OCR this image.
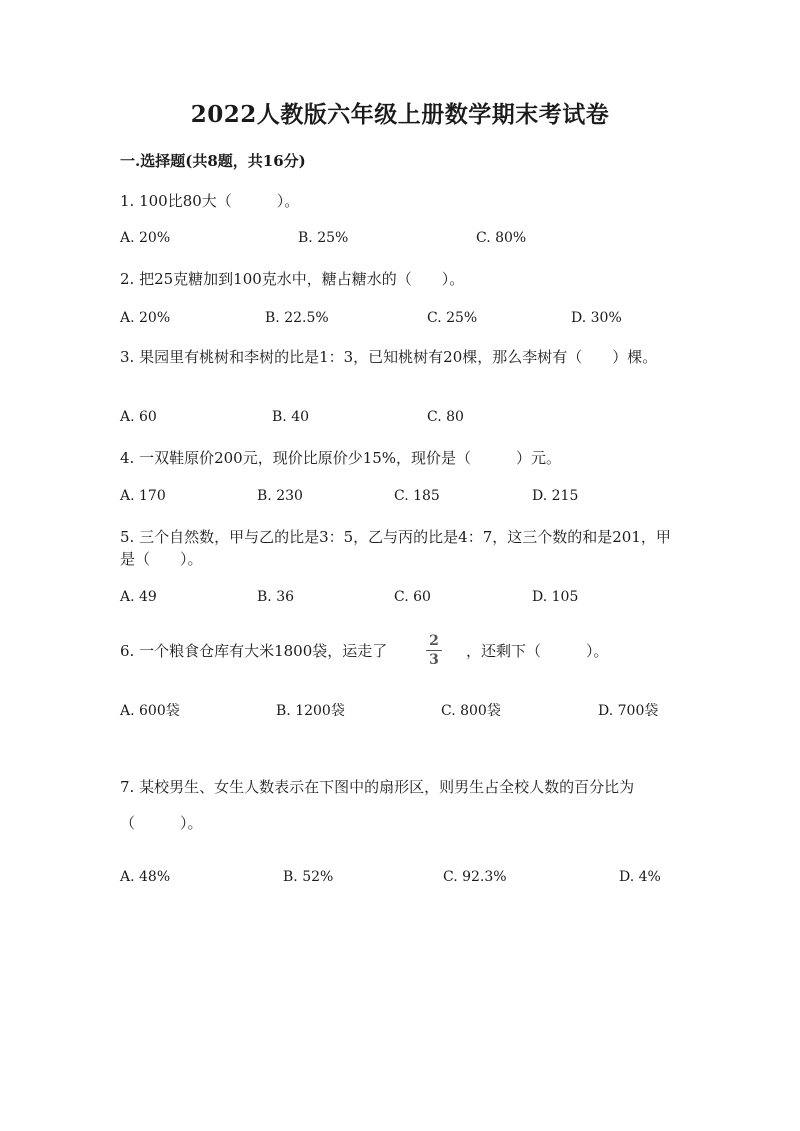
2022人教版六年级上册数学期末考试卷
一.选择题(共8题，共16分)
1. 100比80大（　　　）。
A. 20%	B. 25%	C. 80%
2. 把25克糖加到100克水中，糖占糖水的（　　）。
A. 20%	B. 22.5%	C. 25%	D. 30%
3. 果园里有桃树和李树的比是1：3，已知桃树有20棵，那么李树有（　　）棵。
A. 60	B. 40	C. 80
4. 一双鞋原价200元，现价比原价少15%，现价是（　　　）元。
A. 170	B. 230	C. 185	D. 215
5. 三个自然数，甲与乙的比是3：5，乙与丙的比是4：7，这三个数的和是201，甲是（　　）。
A. 49	B. 36	C. 60	D. 105
6. 一个粮食仓库有大米1800袋，运走了
2
3	，还剩下（　　　）。
A. 600袋	B. 1200袋	C. 800袋	D. 700袋
7. 某校男生、女生人数表示在下图中的扇形区，则男生占全校人数的百分比为
（　　　）。
A. 48%	B. 52%	C. 92.3%	D. 4%
